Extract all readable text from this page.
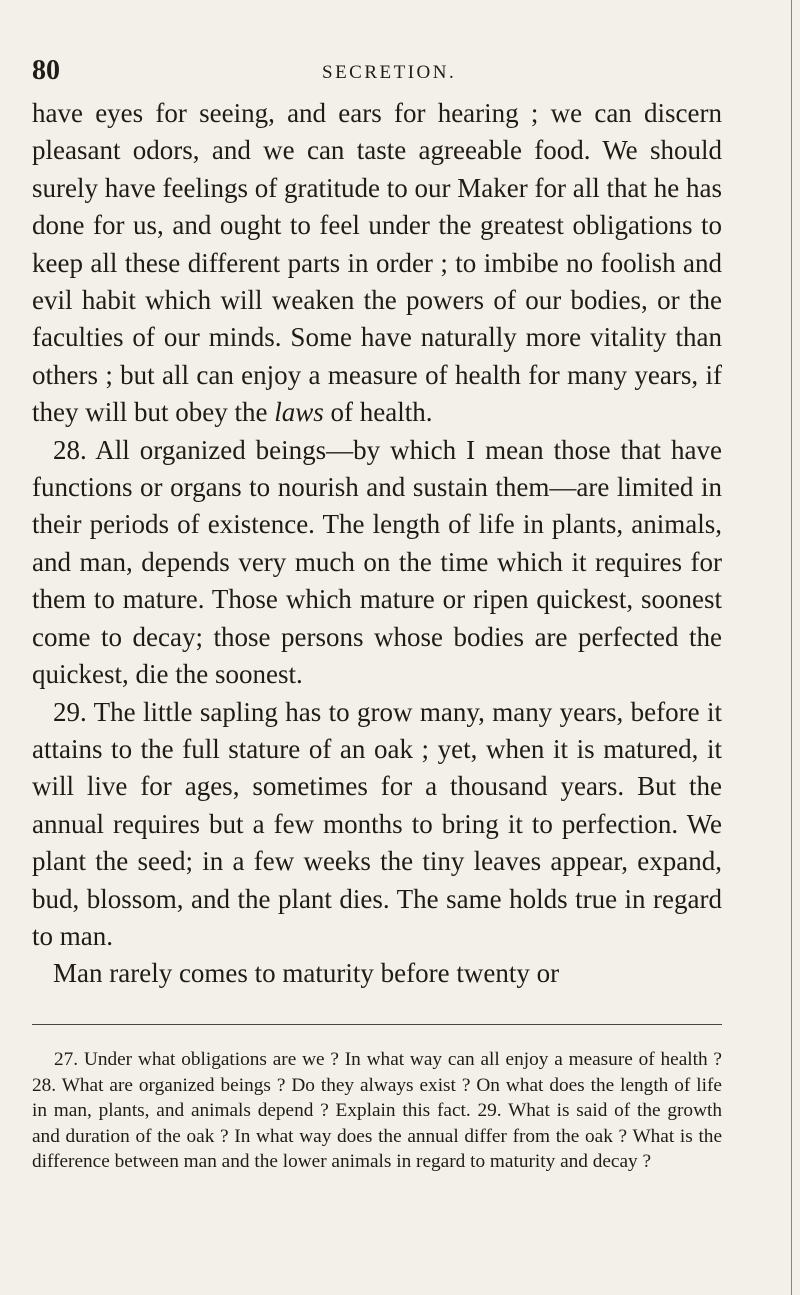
80	SECRETION.

have eyes for seeing, and ears for hearing ; we can discern pleasant odors, and we can taste agreeable food. We should surely have feelings of gratitude to our Maker for all that he has done for us, and ought to feel under the greatest obligations to keep all these different parts in order ; to imbibe no foolish and evil habit which will weaken the powers of our bodies, or the faculties of our minds. Some have naturally more vitality than others ; but all can enjoy a measure of health for many years, if they will but obey the laws of health.

28. All organized beings—by which I mean those that have functions or organs to nourish and sustain them—are limited in their periods of existence. The length of life in plants, animals, and man, depends very much on the time which it requires for them to mature. Those which mature or ripen quickest, soonest come to decay; those persons whose bodies are perfected the quickest, die the soonest.

29. The little sapling has to grow many, many years, before it attains to the full stature of an oak ; yet, when it is matured, it will live for ages, sometimes for a thousand years. But the annual requires but a few months to bring it to perfection. We plant the seed; in a few weeks the tiny leaves appear, expand, bud, blossom, and the plant dies. The same holds true in regard to man.

Man rarely comes to maturity before twenty or

27. Under what obligations are we ? In what way can all enjoy a measure of health ? 28. What are organized beings ? Do they always exist ? On what does the length of life in man, plants, and animals depend ? Explain this fact. 29. What is said of the growth and duration of the oak ? In what way does the annual differ from the oak ? What is the difference between man and the lower animals in regard to maturity and decay ?
